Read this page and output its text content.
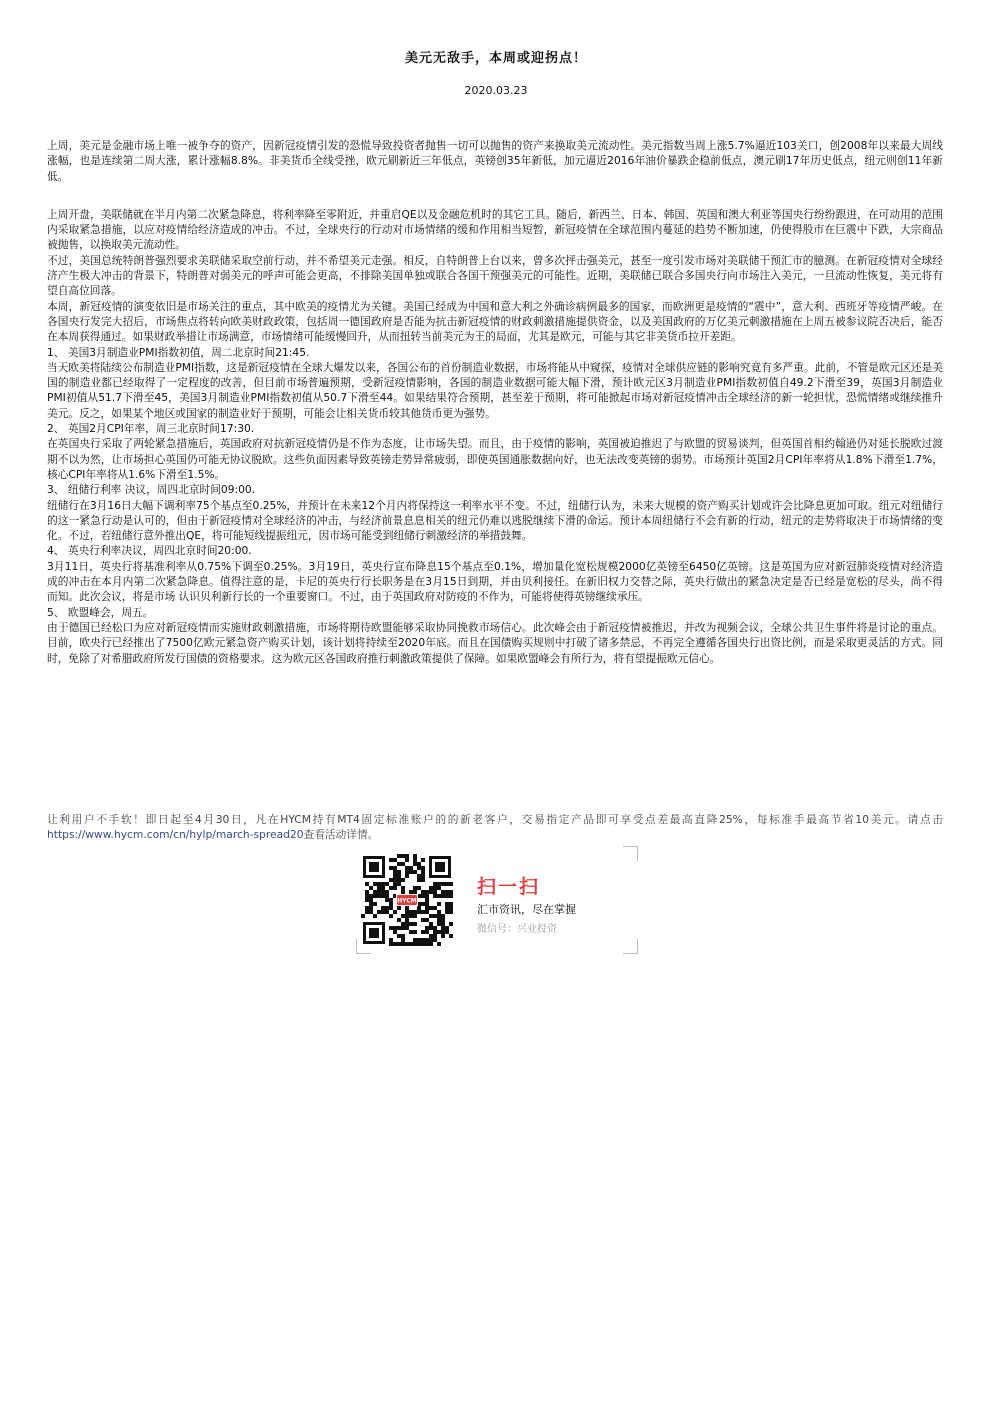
美元无敌手，本周或迎拐点！
2020.03.23

上周，美元是金融市场上唯一被争夺的资产，因新冠疫情引发的恐慌导致投资者抛售一切可以抛售的资产来换取美元流动性。美元指数当周上涨5.7%逼近103关口，创2008年以来最大周线涨幅，也是连续第二周大涨，累计涨幅8.8%。非美货币全线受挫，欧元刷新近三年低点，英镑创35年新低，加元逼近2016年油价暴跌企稳前低点，澳元刷17年历史低点，纽元则创11年新低。

上周开盘，美联储就在半月内第二次紧急降息，将利率降至零附近，并重启QE以及金融危机时的其它工具。随后，新西兰、日本、韩国、英国和澳大利亚等国央行纷纷跟进，在可动用的范围内采取紧急措施，以应对疫情给经济造成的冲击。不过，全球央行的行动对市场情绪的缓和作用相当短暂，新冠疫情在全球范围内蔓延的趋势不断加速，仍使得股市在巨震中下跌，大宗商品被抛售，以换取美元流动性。

不过，美国总统特朗普强烈要求美联储采取空前行动，并不希望美元走强。相反，自特朗普上台以来，曾多次抨击强美元，甚至一度引发市场对美联储干预汇市的臆测。在新冠疫情对全球经济产生极大冲击的背景下，特朗普对弱美元的呼声可能会更高，不排除美国单独或联合各国干预强美元的可能性。近期，美联储已联合多国央行向市场注入美元，一旦流动性恢复，美元将有望自高位回落。

本周，新冠疫情的演变依旧是市场关注的重点，其中欧美的疫情尤为关键。美国已经成为中国和意大利之外确诊病例最多的国家，而欧洲更是疫情的“震中”，意大利、西班牙等疫情严峻。在各国央行发完大招后，市场焦点将转向欧美财政政策，包括周一德国政府是否能为抗击新冠疫情的财政刺激措施提供资金，以及美国政府的万亿美元刺激措施在上周五被参议院否决后，能否在本周获得通过。如果财政举措让市场满意，市场情绪可能缓慢回升，从而扭转当前美元为王的局面，尤其是欧元，可能与其它非美货币拉开差距。

1、 美国3月制造业PMI指数初值，周二北京时间21:45.

当天欧美将陆续公布制造业PMI指数，这是新冠疫情在全球大爆发以来，各国公布的首份制造业数据，市场将能从中窥探，疫情对全球供应链的影响究竟有多严重。此前，不管是欧元区还是美国的制造业都已经取得了一定程度的改善，但目前市场普遍预期，受新冠疫情影响，各国的制造业数据可能大幅下滑，预计欧元区3月制造业PMI指数初值自49.2下滑至39，英国3月制造业PMI初值从51.7下滑至45，美国3月制造业PMI指数初值从50.7下滑至44。如果结果符合预期，甚至差于预期，将可能掀起市场对新冠疫情冲击全球经济的新一轮担忧，恐慌情绪或继续推升美元。反之，如果某个地区或国家的制造业好于预期，可能会让相关货币较其他货币更为强势。

2、 英国2月CPI年率，周三北京时间17:30.

在英国央行采取了两轮紧急措施后，英国政府对抗新冠疫情仍是不作为态度，让市场失望。而且，由于疫情的影响，英国被迫推迟了与欧盟的贸易谈判，但英国首相约翰逊仍对延长脱欧过渡期不以为然，让市场担心英国仍可能无协议脱欧。这些负面因素导致英镑走势异常疲弱，即使英国通胀数据向好，也无法改变英镑的弱势。市场预计英国2月CPI年率将从1.8%下滑至1.7%，核心CPI年率将从1.6%下滑至1.5%。

3、 纽储行利率 决议，周四北京时间09:00.

纽储行在3月16日大幅下调利率75个基点至0.25%，并预计在未来12个月内将保持这一利率水平不变。不过，纽储行认为，未来大规模的资产购买计划或许会比降息更加可取。纽元对纽储行的这一紧急行动是认可的，但由于新冠疫情对全球经济的冲击，与经济前景息息相关的纽元仍难以逃脱继续下滑的命运。预计本周纽储行不会有新的行动，纽元的走势将取决于市场情绪的变化。不过，若纽储行意外推出QE，将可能短线提振纽元，因市场可能受到纽储行刺激经济的举措鼓舞。

4、 英央行利率决议，周四北京时间20:00.

3月11日，英央行将基准利率从0.75%下调至0.25%。3月19日，英央行宣布降息15个基点至0.1%，增加量化宽松规模2000亿英镑至6450亿英镑。这是英国为应对新冠肺炎疫情对经济造成的冲击在本月内第二次紧急降息。值得注意的是，卡尼的英央行行长职务是在3月15日到期，并由贝利接任。在新旧权力交替之际，英央行做出的紧急决定是否已经是宽松的尽头，尚不得而知。此次会议，将是市场 认识贝利新行长的一个重要窗口。不过，由于英国政府对防疫的不作为，可能将使得英镑继续承压。

5、 欧盟峰会，周五。

由于德国已经松口为应对新冠疫情而实施财政刺激措施，市场将期待欧盟能够采取协同挽救市场信心。此次峰会由于新冠疫情被推迟，并改为视频会议，全球公共卫生事件将是讨论的重点。目前，欧央行已经推出了7500亿欧元紧急资产购买计划，该计划将持续至2020年底。而且在国债购买规则中打破了诸多禁忌，不再完全遵循各国央行出资比例，而是采取更灵活的方式。同时，免除了对希腊政府所发行国债的资格要求。这为欧元区各国政府推行刺激政策提供了保障。如果欧盟峰会有所行为，将有望提振欧元信心。

让利用户不手软！即日起至4月30日，凡在HYCM持有MT4固定标准账户的的新老客户，交易指定产品即可享受点差最高直降25%，每标准手最高节省10美元。请点击https://www.hycm.com/cn/hylp/march-spread20查看活动详情。
HYCM
扫一扫
汇市资讯，尽在掌握
微信号：兴业投资
